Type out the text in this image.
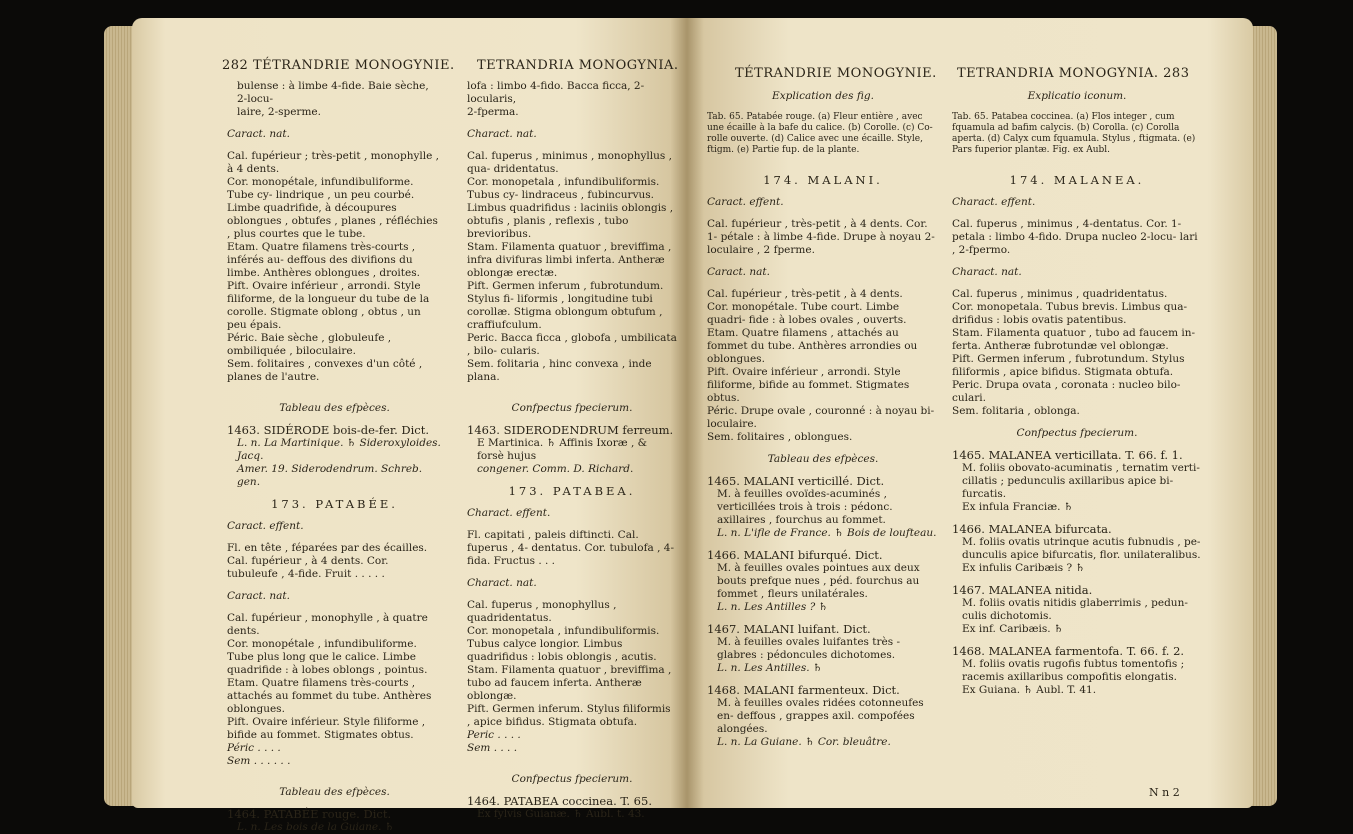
282 TÉTRANDRIE MONOGYNIE. TETRANDRIA MONOGYNIA.

bulense : à limbe 4-fide. Baie sèche, 2-locu-

laire, 2-sperme.

Caract. nat.

Cal. fupérieur ; très-petit , monophylle , à 4 dents.

Cor. monopétale, infundibuliforme. Tube cy- lindrique , un peu courbé. Limbe quadrifide, à découpures oblongues , obtufes , planes , réfléchies , plus courtes que le tube.

Etam. Quatre filamens très-courts , inférés au- deffous des divifions du limbe. Anthères oblongues , droites.

Pift. Ovaire inférieur , arrondi. Style filiforme, de la longueur du tube de la corolle. Stigmate oblong , obtus , un peu épais.

Péric. Baie sèche , globuleufe , ombiliquée , biloculaire.

Sem. folitaires , convexes d'un côté , planes de l'autre.

Tableau des efpèces.

1463. SIDÉRODE bois-de-fer. Dict.

L. n. La Martinique. ♄ Sideroxyloides. Jacq.

Amer. 19. Siderodendrum. Schreb. gen.

173. PATABÉE.

Caract. effent.

Fl. en tête , féparées par des écailles. Cal. fupérieur , à 4 dents. Cor. tubuleufe , 4-fide. Fruit . . . . .

Caract. nat.

Cal. fupérieur , monophylle , à quatre dents.

Cor. monopétale , infundibuliforme. Tube plus long que le calice. Limbe quadrifide : à lobes oblongs , pointus.

Etam. Quatre filamens très-courts , attachés au fommet du tube. Anthères oblongues.

Pift. Ovaire inférieur. Style filiforme , bifide au fommet. Stigmates obtus.

Péric . . . .

Sem . . . . . .

Tableau des efpèces.

1464. PATABÉE rouge. Dict.

L. n. Les bois de la Guiane. ♄

lofa : limbo 4-fido. Bacca ficca, 2-locularis,

2-fperma.

Charact. nat.

Cal. fuperus , minimus , monophyllus , qua- dridentatus.

Cor. monopetala , infundibuliformis. Tubus cy- lindraceus , fubincurvus. Limbus quadrifidus : laciniis oblongis , obtufis , planis , reflexis , tubo brevioribus.

Stam. Filamenta quatuor , breviffima , infra divifuras limbi inferta. Antheræ oblongæ erectæ.

Pift. Germen inferum , fubrotundum. Stylus fi- liformis , longitudine tubi corollæ. Stigma oblongum obtufum , craffiufculum.

Peric. Bacca ficca , globofa , umbilicata , bilo- cularis.

Sem. folitaria , hinc convexa , inde plana.

Confpectus fpecierum.

1463. SIDERODENDRUM ferreum.

E Martinica. ♄ Affinis Ixoræ , & forsè hujus

congener. Comm. D. Richard.

173. PATABEA.

Charact. effent.

Fl. capitati , paleis diftincti. Cal. fuperus , 4- dentatus. Cor. tubulofa , 4-fida. Fructus . . .

Charact. nat.

Cal. fuperus , monophyllus , quadridentatus.

Cor. monopetala , infundibuliformis. Tubus calyce longior. Limbus quadrifidus : lobis oblongis , acutis.

Stam. Filamenta quatuor , breviffima , tubo ad faucem inferta. Antheræ oblongæ.

Pift. Germen inferum. Stylus filiformis , apice bifidus. Stigmata obtufa.

Peric . . . .

Sem . . . .

Confpectus fpecierum.

1464. PATABEA coccinea. T. 65.

Ex fylvis Guianæ. ♄ Aubl. t. 43.

TÉTRANDRIE MONOGYNIE. TETRANDRIA MONOGYNIA. 283

Explication des fig.

Tab. 65. Patabée rouge. (a) Fleur entière , avec une écaille à la bafe du calice. (b) Corolle. (c) Co- rolle ouverte. (d) Calice avec une écaille. Style, ftigm. (e) Partie fup. de la plante.

174. MALANI.

Caract. effent.

Cal. fupérieur , très-petit , à 4 dents. Cor. 1- pétale : à limbe 4-fide. Drupe à noyau 2- loculaire , 2 fperme.

Caract. nat.

Cal. fupérieur , très-petit , à 4 dents.

Cor. monopétale. Tube court. Limbe quadri- fide : à lobes ovales , ouverts.

Etam. Quatre filamens , attachés au fommet du tube. Anthères arrondies ou oblongues.

Pift. Ovaire inférieur , arrondi. Style filiforme, bifide au fommet. Stigmates obtus.

Péric. Drupe ovale , couronné : à noyau bi- loculaire.

Sem. folitaires , oblongues.

Tableau des efpèces.

1465. MALANI verticillé. Dict.

M. à feuilles ovoïdes-acuminés , verticillées trois à trois : pédonc. axillaires , fourchus au fommet.

L. n. L'ifle de France. ♄ Bois de loufteau.

1466. MALANI bifurqué. Dict.

M. à feuilles ovales pointues aux deux bouts prefque nues , péd. fourchus au fommet , fleurs unilatérales.

L. n. Les Antilles ? ♄

1467. MALANI luifant. Dict.

M. à feuilles ovales luifantes très - glabres : pédoncules dichotomes.

L. n. Les Antilles. ♄

1468. MALANI farmenteux. Dict.

M. à feuilles ovales ridées cotonneufes en- deffous , grappes axil. compofées alongées.

L. n. La Guiane. ♄ Cor. bleuâtre.

Explicatio iconum.

Tab. 65. Patabea coccinea. (a) Flos integer , cum fquamula ad bafim calycis. (b) Corolla. (c) Corolla aperta. (d) Calyx cum fquamula. Stylus , ftigmata. (e) Pars fuperior plantæ. Fig. ex Aubl.

174. MALANEA.

Charact. effent.

Cal. fuperus , minimus , 4-dentatus. Cor. 1- petala : limbo 4-fido. Drupa nucleo 2-locu- lari , 2-fpermo.

Charact. nat.

Cal. fuperus , minimus , quadridentatus.

Cor. monopetala. Tubus brevis. Limbus qua- drifidus : lobis ovatis patentibus.

Stam. Filamenta quatuor , tubo ad faucem in- ferta. Antheræ fubrotundæ vel oblongæ.

Pift. Germen inferum , fubrotundum. Stylus filiformis , apice bifidus. Stigmata obtufa.

Peric. Drupa ovata , coronata : nucleo bilo- culari.

Sem. folitaria , oblonga.

Confpectus fpecierum.

1465. MALANEA verticillata. T. 66. f. 1.

M. foliis obovato-acuminatis , ternatim verti- cillatis ; pedunculis axillaribus apice bi- furcatis.

Ex infula Franciæ. ♄

1466. MALANEA bifurcata.

M. foliis ovatis utrinque acutis fubnudis , pe- dunculis apice bifurcatis, flor. unilateralibus.

Ex infulis Caribæis ? ♄

1467. MALANEA nitida.

M. foliis ovatis nitidis glaberrimis , pedun- culis dichotomis.

Ex inf. Caribæis. ♄

1468. MALANEA farmentofa. T. 66. f. 2.

M. foliis ovatis rugofis fubtus tomentofis ; racemis axillaribus compofitis elongatis.

Ex Guiana. ♄ Aubl. T. 41.

N n 2
